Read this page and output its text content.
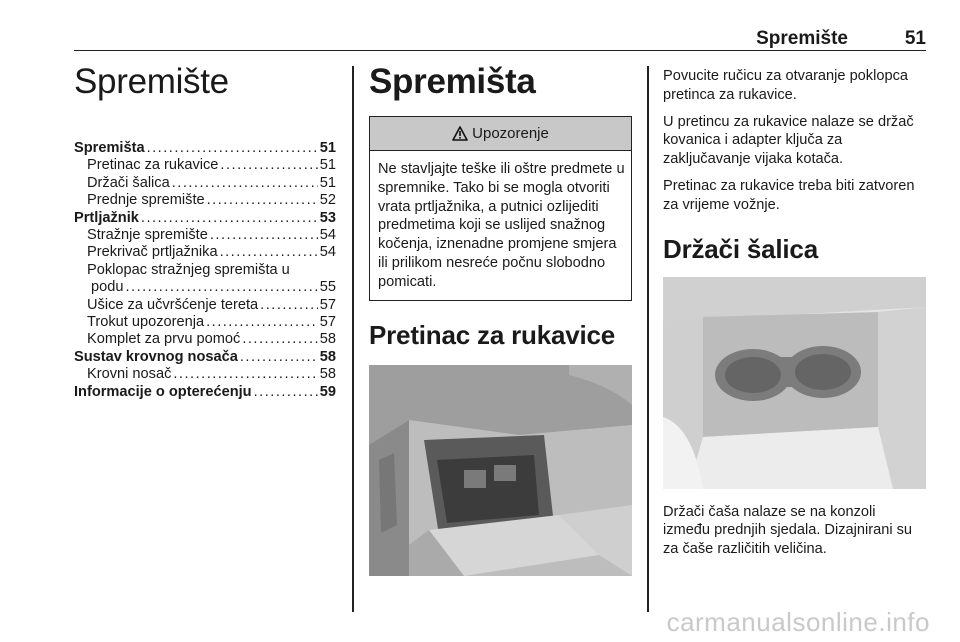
Spremište	51
Spremište
Spremišta .....	51
Pretinac za rukavice .....	51
Držači šalica .....	51
Prednje spremište .....	52
Prtljažnik .....	53
Stražnje spremište .....	54
Prekrivač prtljažnika .....	54
Poklopac stražnjeg spremišta u
podu .....	55
Ušice za učvršćenje tereta .....	57
Trokut upozorenja .....	57
Komplet za prvu pomoć .....	58
Sustav krovnog nosača .....	58
Krovni nosač .....	58
Informacije o opterećenju .....	59
Spremišta
Upozorenje
Ne stavljajte teške ili oštre predmete u spremnike. Tako bi se mogla otvoriti vrata prtljažnika, a putnici ozlijediti predmetima koji se uslijed snažnog kočenja, iznenadne promjene smjera ili prilikom nesreće počnu slobodno pomicati.
Pretinac za rukavice

Povucite ručicu za otvaranje poklopca pretinca za rukavice.

U pretincu za rukavice nalaze se držač kovanica i adapter ključa za zaključavanje vijaka kotača.

Pretinac za rukavice treba biti zatvoren za vrijeme vožnje.

Držači šalica

Držači čaša nalaze se na konzoli između prednjih sjedala. Dizajnirani su za čaše različitih veličina.

carmanualsonline.info
